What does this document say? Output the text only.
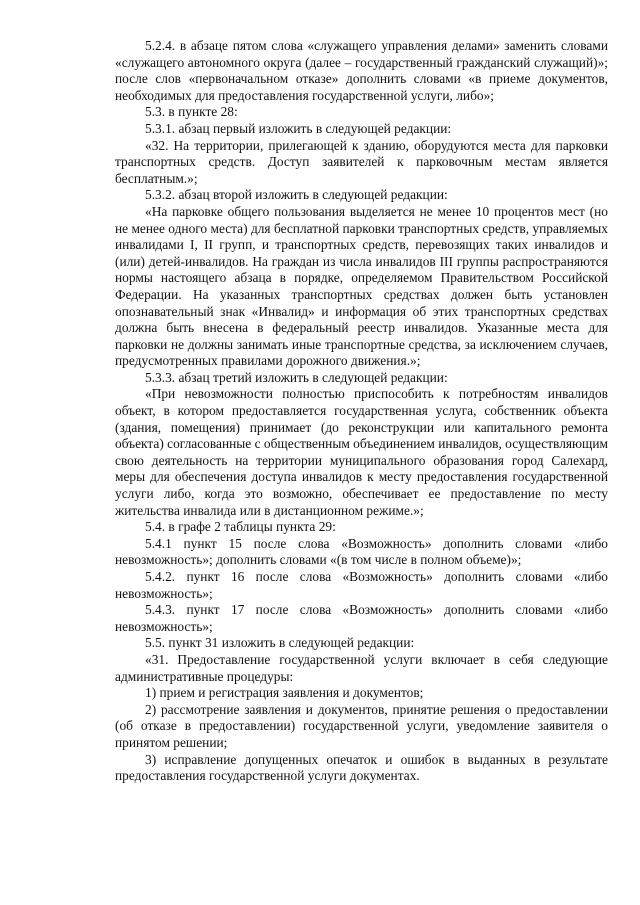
5.2.4. в абзаце пятом слова «служащего управления делами» заменить словами «служащего автономного округа (далее – государственный гражданский служащий)»; после слов «первоначальном отказе» дополнить словами «в приеме документов, необходимых для предоставления государственной услуги, либо»;

5.3. в пункте 28:

5.3.1. абзац первый изложить в следующей редакции:

«32. На территории, прилегающей к зданию, оборудуются места для парковки транспортных средств. Доступ заявителей к парковочным местам является бесплатным.»;

5.3.2. абзац второй изложить в следующей редакции:

«На парковке общего пользования выделяется не менее 10 процентов мест (но не менее одного места) для бесплатной парковки транспортных средств, управляемых инвалидами I, II групп, и транспортных средств, перевозящих таких инвалидов и (или) детей-инвалидов. На граждан из числа инвалидов III группы распространяются нормы настоящего абзаца в порядке, определяемом Правительством Российской Федерации. На указанных транспортных средствах должен быть установлен опознавательный знак «Инвалид» и информация об этих транспортных средствах должна быть внесена в федеральный реестр инвалидов. Указанные места для парковки не должны занимать иные транспортные средства, за исключением случаев, предусмотренных правилами дорожного движения.»;

5.3.3. абзац третий изложить в следующей редакции:

«При невозможности полностью приспособить к потребностям инвалидов объект, в котором предоставляется государственная услуга, собственник объекта (здания, помещения) принимает (до реконструкции или капитального ремонта объекта) согласованные с общественным объединением инвалидов, осуществляющим свою деятельность на территории муниципального образования город Салехард, меры для обеспечения доступа инвалидов к месту предоставления государственной услуги либо, когда это возможно, обеспечивает ее предоставление по месту жительства инвалида или в дистанционном режиме.»;

5.4. в графе 2 таблицы пункта 29:

5.4.1 пункт 15 после слова «Возможность» дополнить словами «либо невозможность»; дополнить словами «(в том числе в полном объеме)»;

5.4.2. пункт 16 после слова «Возможность» дополнить словами «либо невозможность»;

5.4.3. пункт 17 после слова «Возможность» дополнить словами «либо невозможность»;

5.5. пункт 31 изложить в следующей редакции:

«31. Предоставление государственной услуги включает в себя следующие административные процедуры:

1) прием и регистрация заявления и документов;

2) рассмотрение заявления и документов, принятие решения о предоставлении (об отказе в предоставлении) государственной услуги, уведомление заявителя о принятом решении;

3) исправление допущенных опечаток и ошибок в выданных в результате предоставления государственной услуги документах.
